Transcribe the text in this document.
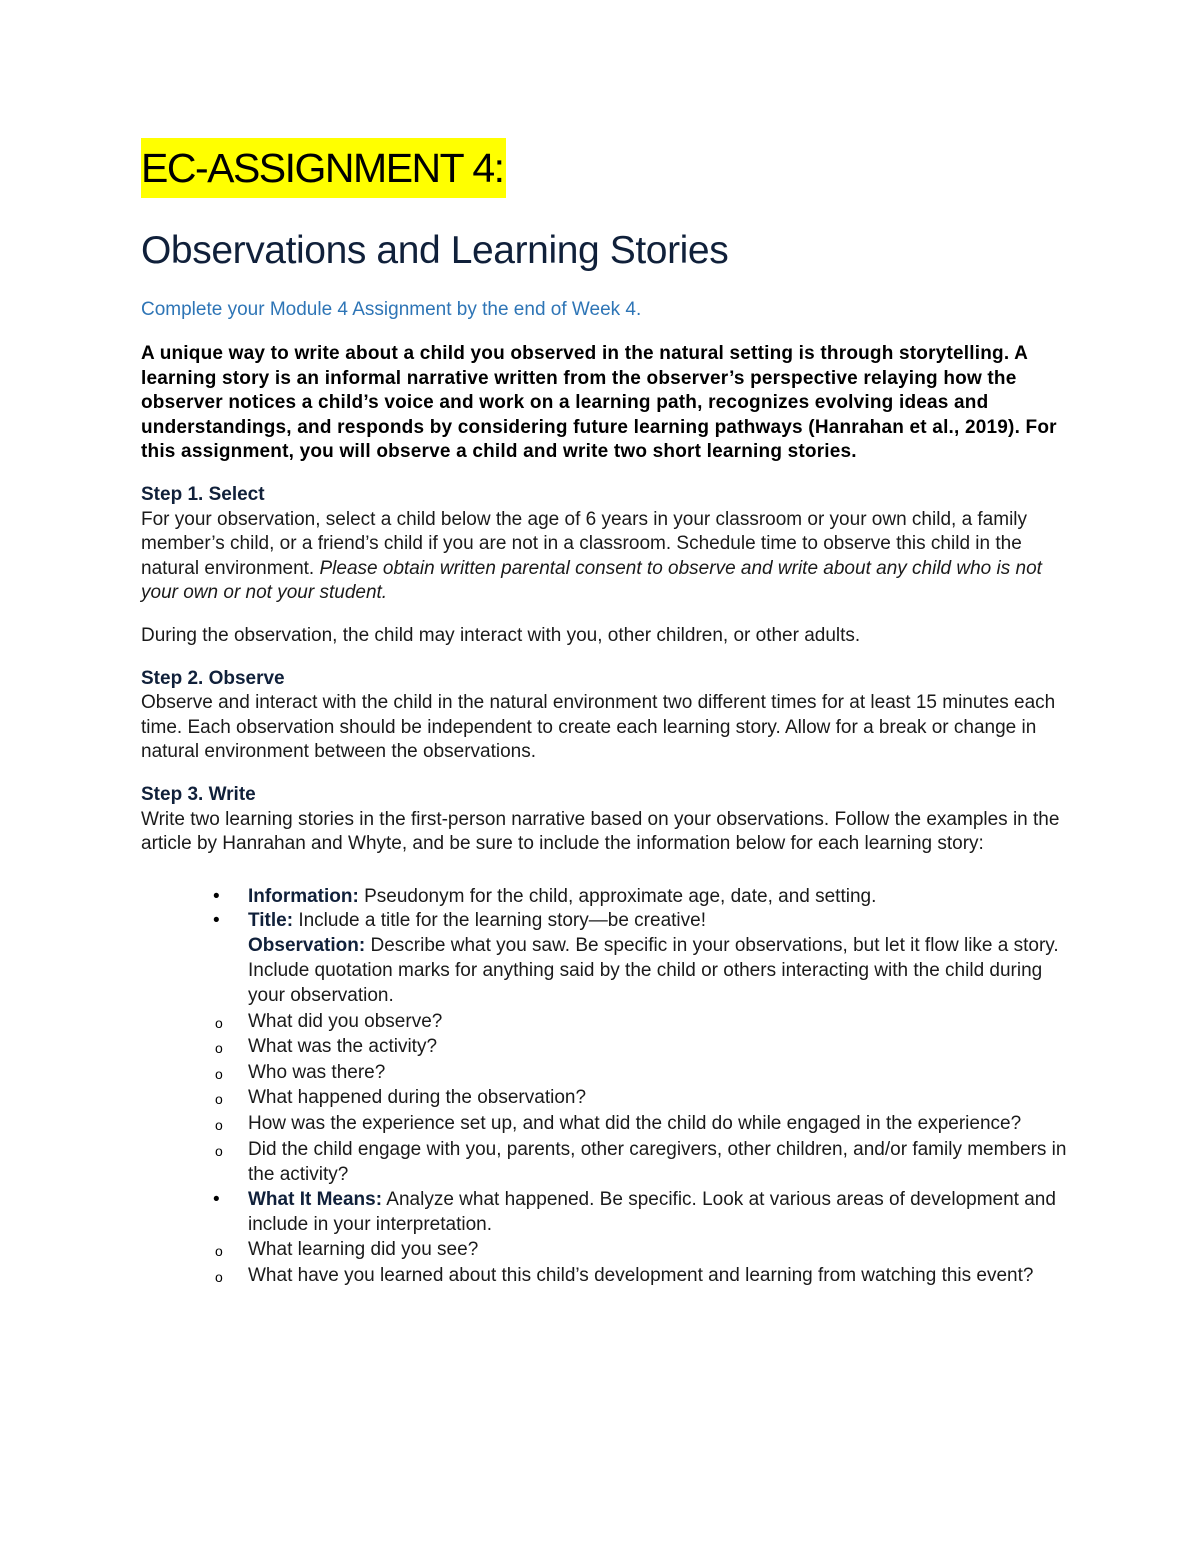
EC-ASSIGNMENT 4:
Observations and Learning Stories

Complete your Module 4 Assignment by the end of Week 4.

A unique way to write about a child you observed in the natural setting is through storytelling. A learning story is an informal narrative written from the observer’s perspective relaying how the observer notices a child’s voice and work on a learning path, recognizes evolving ideas and understandings, and responds by considering future learning pathways (Hanrahan et al., 2019). For this assignment, you will observe a child and write two short learning stories.

Step 1. Select

For your observation, select a child below the age of 6 years in your classroom or your own child, a family member’s child, or a friend’s child if you are not in a classroom. Schedule time to observe this child in the natural environment. Please obtain written parental consent to observe and write about any child who is not your own or not your student.

During the observation, the child may interact with you, other children, or other adults.

Step 2. Observe

Observe and interact with the child in the natural environment two different times for at least 15 minutes each time. Each observation should be independent to create each learning story. Allow for a break or change in natural environment between the observations.

Step 3. Write

Write two learning stories in the first-person narrative based on your observations. Follow the examples in the article by Hanrahan and Whyte, and be sure to include the information below for each learning story:

• Information: Pseudonym for the child, approximate age, date, and setting.
• Title: Include a title for the learning story—be creative!
Observation: Describe what you saw. Be specific in your observations, but let it flow like a story. Include quotation marks for anything said by the child or others interacting with the child during your observation.
o What did you observe?
o What was the activity?
o Who was there?
o What happened during the observation?
o How was the experience set up, and what did the child do while engaged in the experience?
o Did the child engage with you, parents, other caregivers, other children, and/or family members in the activity?
• What It Means: Analyze what happened. Be specific. Look at various areas of development and include in your interpretation.
o What learning did you see?
o What have you learned about this child’s development and learning from watching this event?
